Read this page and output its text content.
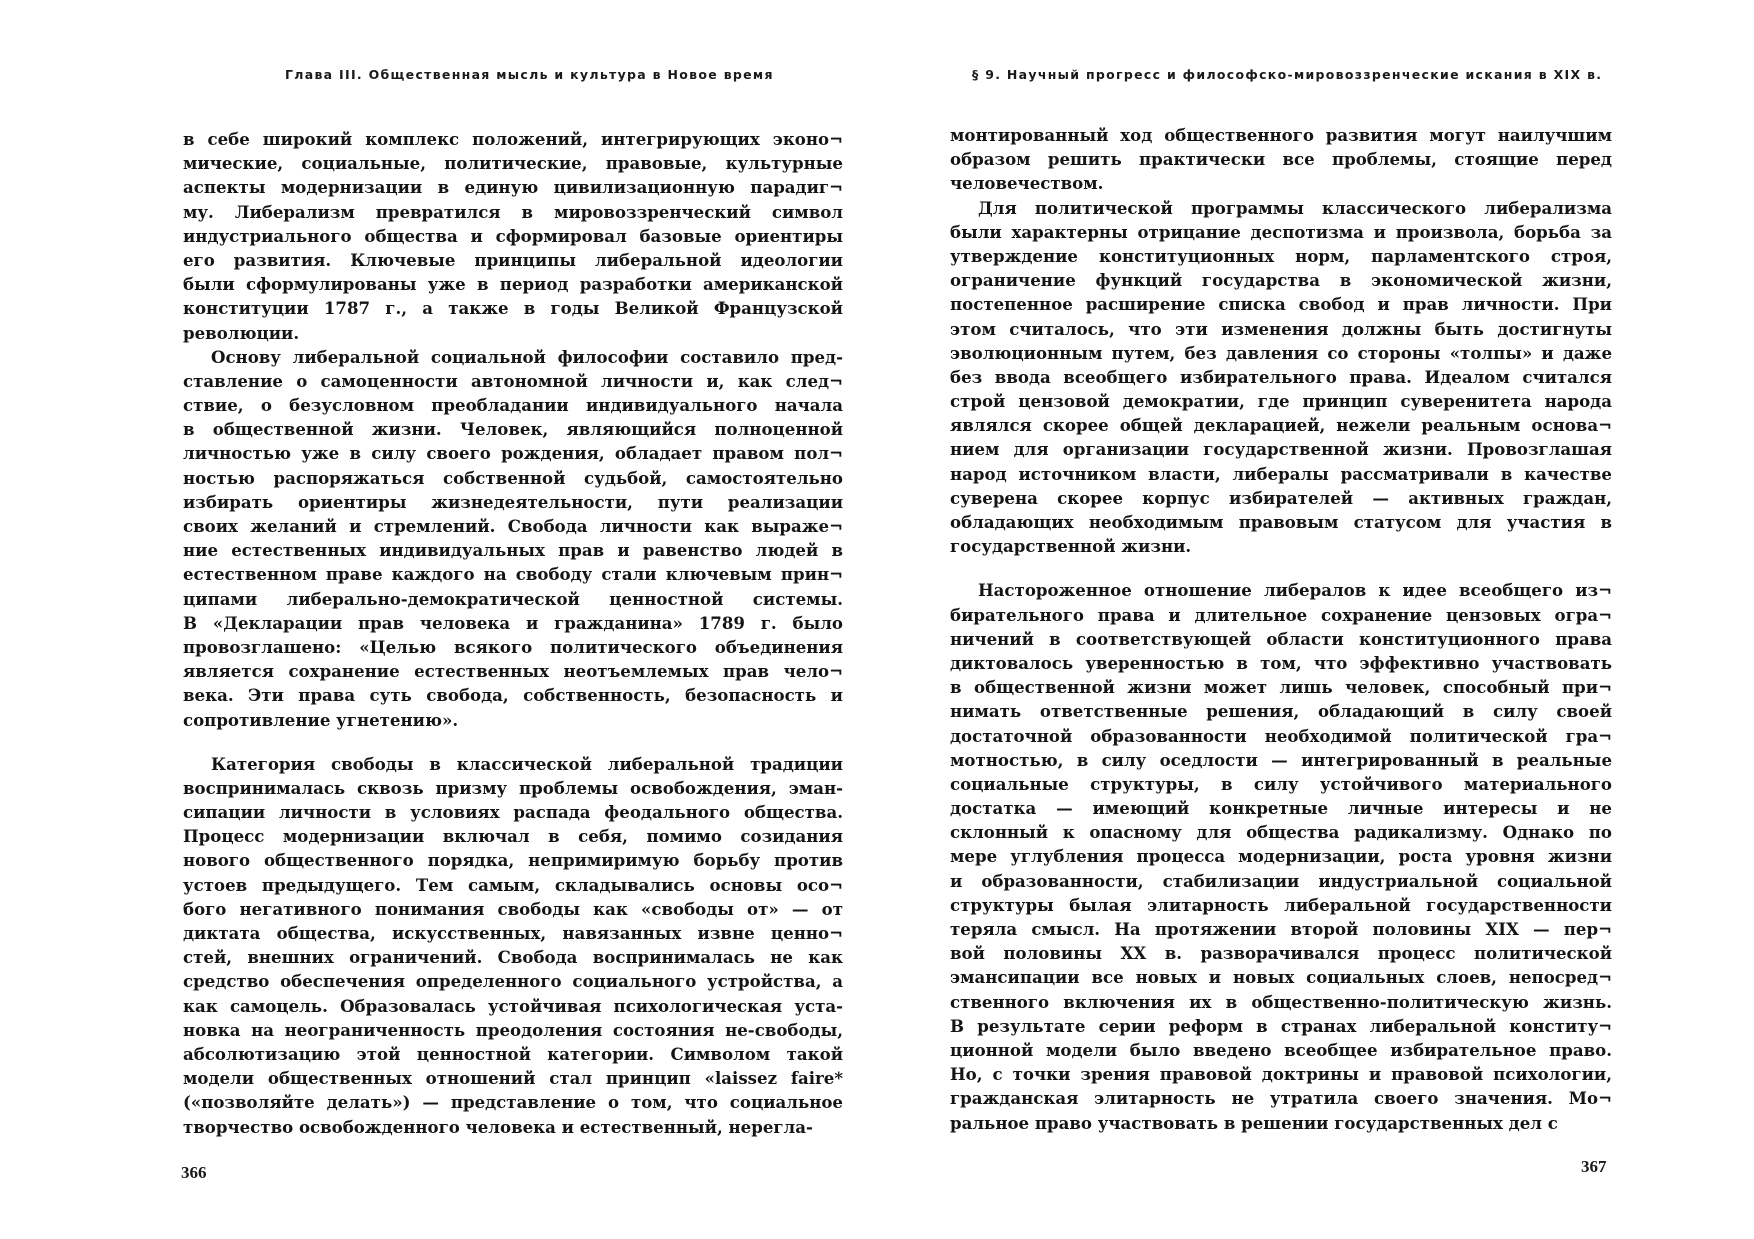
Глава III. Общественная мысль и культура в Новое время	§ 9. Научный прогресс и философско-мировоззренческие искания в XIX в.
в себе широкий комплекс положений, интегрирующих эконо¬
мические, социальные, политические, правовые, культурные
аспекты модернизации в единую цивилизационную парадиг¬
му. Либерализм превратился в мировоззренческий символ
индустриального общества и сформировал базовые ориентиры
его развития. Ключевые принципы либеральной идеологии
были сформулированы уже в период разработки американской
конституции 1787 г., а также в годы Великой Французской
революции.
Основу либеральной социальной философии составило пред-
ставление о самоценности автономной личности и, как след¬
ствие, о безусловном преобладании индивидуального начала
в общественной жизни. Человек, являющийся полноценной
личностью уже в силу своего рождения, обладает правом пол¬
ностью распоряжаться собственной судьбой, самостоятельно
избирать ориентиры жизнедеятельности, пути реализации
своих желаний и стремлений. Свобода личности как выраже¬
ние естественных индивидуальных прав и равенство людей в
естественном праве каждого на свободу стали ключевым прин¬
ципами либерально-демократической ценностной системы.
В «Декларации прав человека и гражданина» 1789 г. было
провозглашено: «Целью всякого политического объединения
является сохранение естественных неотъемлемых прав чело¬
века. Эти права суть свобода, собственность, безопасность и
сопротивление угнетению».
Категория свободы в классической либеральной традиции
воспринималась сквозь призму проблемы освобождения, эман-
сипации личности в условиях распада феодального общества.
Процесс модернизации включал в себя, помимо созидания
нового общественного порядка, непримиримую борьбу против
устоев предыдущего. Тем самым, складывались основы осо¬
бого негативного понимания свободы как «свободы от» — от
диктата общества, искусственных, навязанных извне ценно¬
стей, внешних ограничений. Свобода воспринималась не как
средство обеспечения определенного социального устройства, а
как самоцель. Образовалась устойчивая психологическая уста-
новка на неограниченность преодоления состояния не-свободы,
абсолютизацию этой ценностной категории. Символом такой
модели общественных отношений стал принцип «laissez faire*
(«позволяйте делать») — представление о том, что социальное
творчество освобожденного человека и естественный, нерегла-
монтированный ход общественного развития могут наилучшим
образом решить практически все проблемы, стоящие перед
человечеством.
Для политической программы классического либерализма
были характерны отрицание деспотизма и произвола, борьба за
утверждение конституционных норм, парламентского строя,
ограничение функций государства в экономической жизни,
постепенное расширение списка свобод и прав личности. При
этом считалось, что эти изменения должны быть достигнуты
эволюционным путем, без давления со стороны «толпы» и даже
без ввода всеобщего избирательного права. Идеалом считался
строй цензовой демократии, где принцип суверенитета народа
являлся скорее общей декларацией, нежели реальным основа¬
нием для организации государственной жизни. Провозглашая
народ источником власти, либералы рассматривали в качестве
суверена скорее корпус избирателей — активных граждан,
обладающих необходимым правовым статусом для участия в
государственной жизни.
Настороженное отношение либералов к идее всеобщего из¬
бирательного права и длительное сохранение цензовых огра¬
ничений в соответствующей области конституционного права
диктовалось уверенностью в том, что эффективно участвовать
в общественной жизни может лишь человек, способный при¬
нимать ответственные решения, обладающий в силу своей
достаточной образованности необходимой политической гра¬
мотностью, в силу оседлости — интегрированный в реальные
социальные структуры, в силу устойчивого материального
достатка — имеющий конкретные личные интересы и не
склонный к опасному для общества радикализму. Однако по
мере углубления процесса модернизации, роста уровня жизни
и образованности, стабилизации индустриальной социальной
структуры былая элитарность либеральной государственности
теряла смысл. На протяжении второй половины XIX — пер¬
вой половины XX в. разворачивался процесс политической
эмансипации все новых и новых социальных слоев, непосред¬
ственного включения их в общественно-политическую жизнь.
В результате серии реформ в странах либеральной конститу¬
ционной модели было введено всеобщее избирательное право.
Но, с точки зрения правовой доктрины и правовой психологии,
гражданская элитарность не утратила своего значения. Мо¬
ральное право участвовать в решении государственных дел с
366	367
